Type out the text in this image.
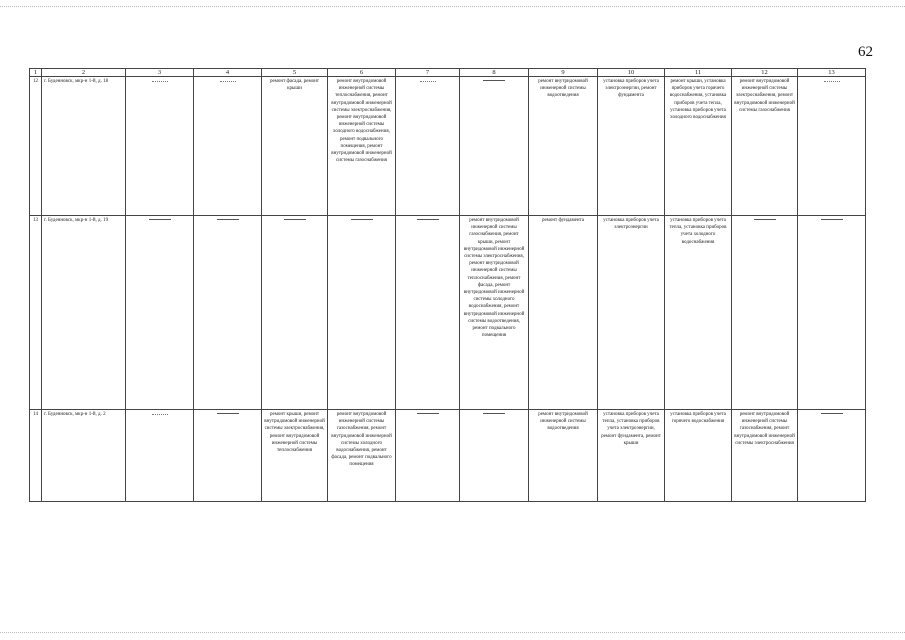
62
1	2	3	4	5	6	7	8	9	10	11	12	13
12	г. Буденновск, мкр-н 1-й, д. 18			ремонт фасада, ремонт крыши	ремонт внутридомовой инженерной системы теплоснабжения, ремонт внутридомовой инженерной системы электроснабжения, ремонт внутридомовой инженерной системы холодного водоснабжения, ремонт подвального помещения, ремонт внутридомовой инженерной системы газоснабжения			ремонт внутридомовой инженерной системы водоотведения	установка приборов учета электроэнергии, ремонт фундамента	ремонт крыши, установка приборов учета горячего водоснабжения, установка приборов учета тепла, установка приборов учета холодного водоснабжения	ремонт внутридомовой инженерной системы электроснабжения, ремонт внутридомовой инженерной системы газоснабжения	

13	г. Буденновск, мкр-н 1-й, д. 19						ремонт внутридомовой инженерной системы газоснабжения, ремонт крыши, ремонт внутридомовой инженерной системы электроснабжения, ремонт внутридомовой инженерной системы теплоснабжения, ремонт фасада, ремонт внутридомовой инженерной системы холодного водоснабжения, ремонт внутридомовой инженерной системы водоотведения, ремонт подвального помещения	ремонт фундамента	установка приборов учета электроэнергии	установка приборов учета тепла, установка приборов учета холодного водоснабжения	

14	г. Буденновск, мкр-н 1-й, д. 2			ремонт крыши, ремонт внутридомовой инженерной системы электроснабжения, ремонт внутридомовой инженерной системы теплоснабжения	ремонт внутридомовой инженерной системы газоснабжения, ремонт внутридомовой инженерной системы холодного водоснабжения, ремонт фасада, ремонт подвального помещения			ремонт внутридомовой инженерной системы водоотведения	установка приборов учета тепла, установка приборов учета электроэнергии, ремонт фундамента, ремонт крыши	установка приборов учета горячего водоснабжения	ремонт внутридомовой инженерной системы газоснабжения, ремонт внутридомовой инженерной системы электроснабжения	
